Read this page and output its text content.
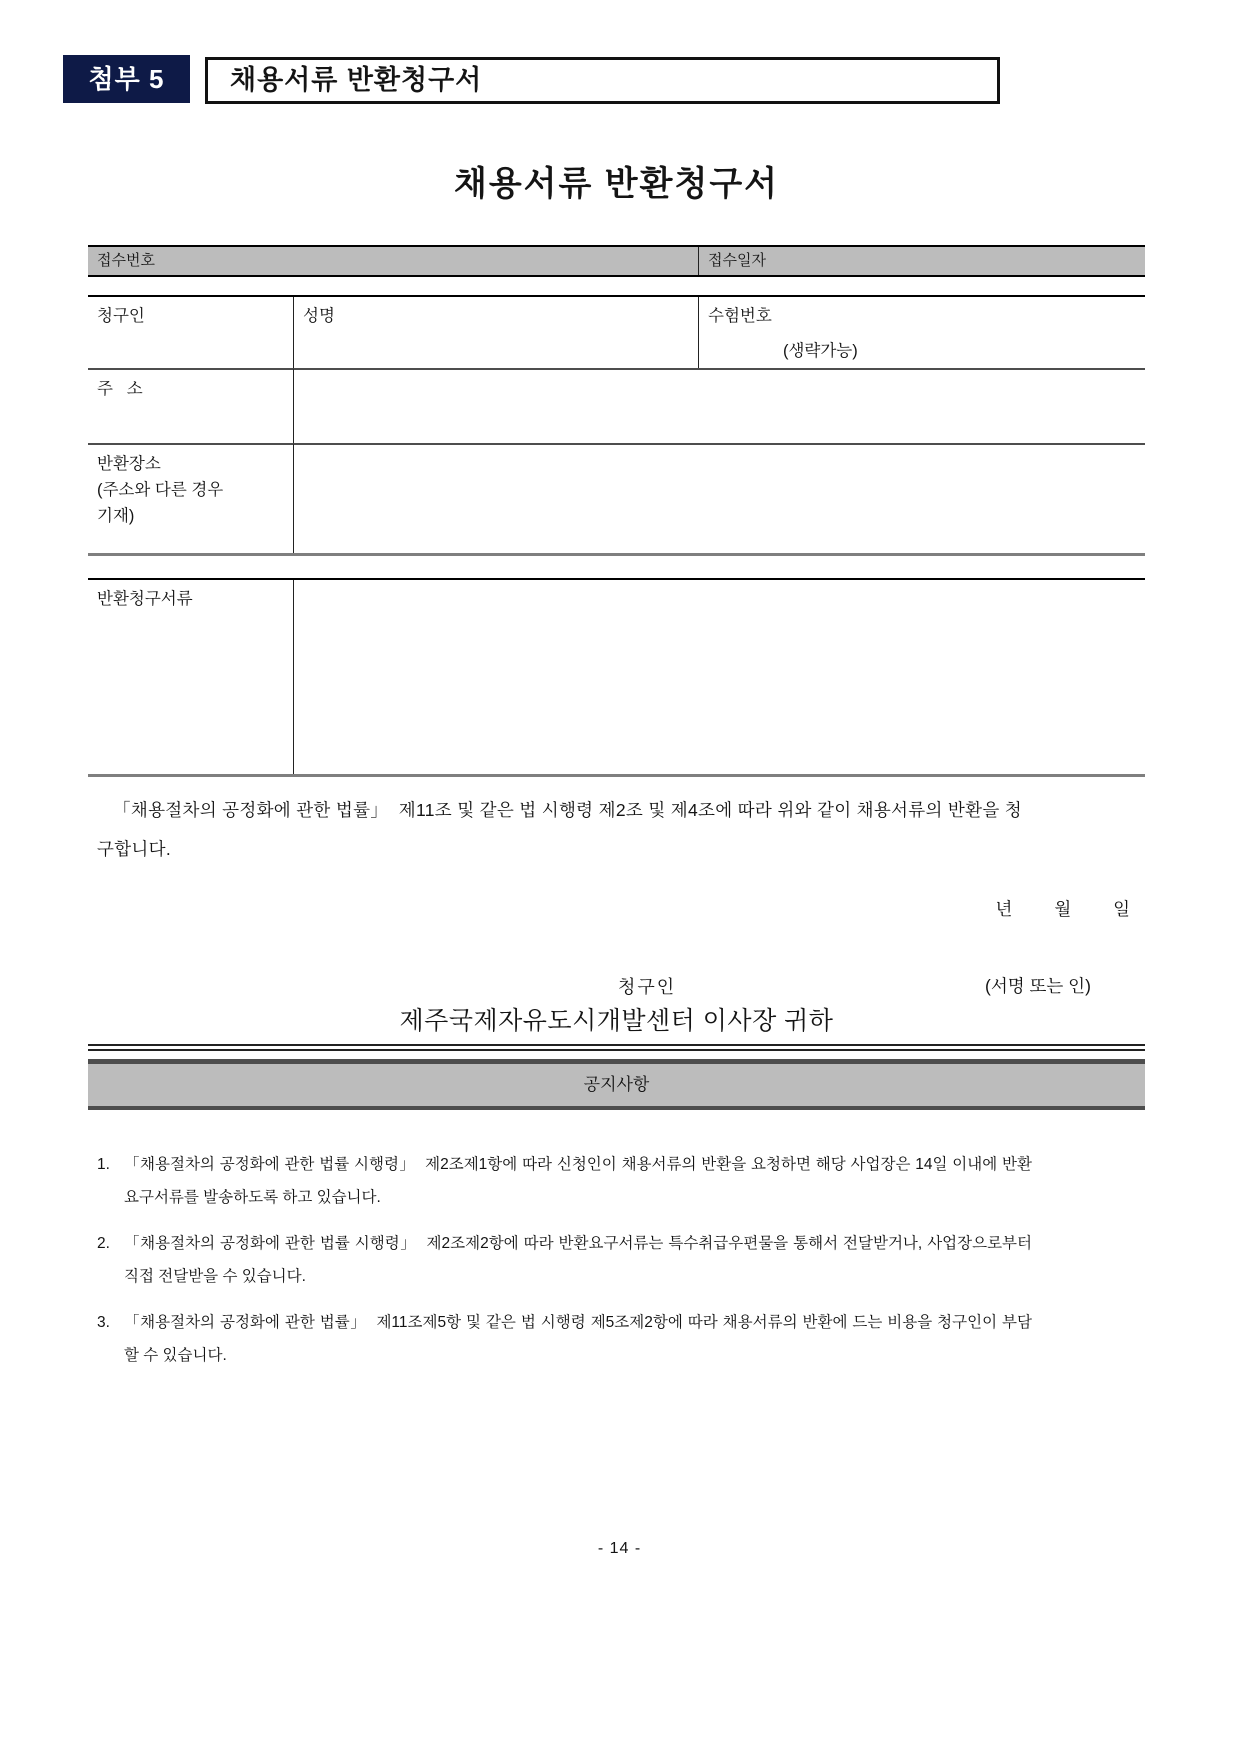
첨부 5	채용서류 반환청구서
채용서류 반환청구서
접수번호	접수일자
청구인	성명	수험번호
(생략가능)
주   소
반환장소
(주소와 다른 경우
기재)
반환청구서류

「채용절차의 공정화에 관한 법률」  제11조 및 같은 법 시행령 제2조 및 제4조에 따라 위와 같이 채용서류의 반환을 청구합니다.

년 월 일
청구인	(서명 또는 인)
제주국제자유도시개발센터 이사장 귀하
공지사항
1. 「채용절차의 공정화에 관한 법률 시행령」  제2조제1항에 따라 신청인이 채용서류의 반환을 요청하면 해당 사업장은 14일 이내에 반환요구서류를 발송하도록 하고 있습니다.
2. 「채용절차의 공정화에 관한 법률 시행령」  제2조제2항에 따라 반환요구서류는 특수취급우편물을 통해서 전달받거나, 사업장으로부터 직접 전달받을 수 있습니다.
3. 「채용절차의 공정화에 관한 법률」  제11조제5항 및 같은 법 시행령 제5조제2항에 따라 채용서류의 반환에 드는 비용을 청구인이 부담할 수 있습니다.
- 14 -
